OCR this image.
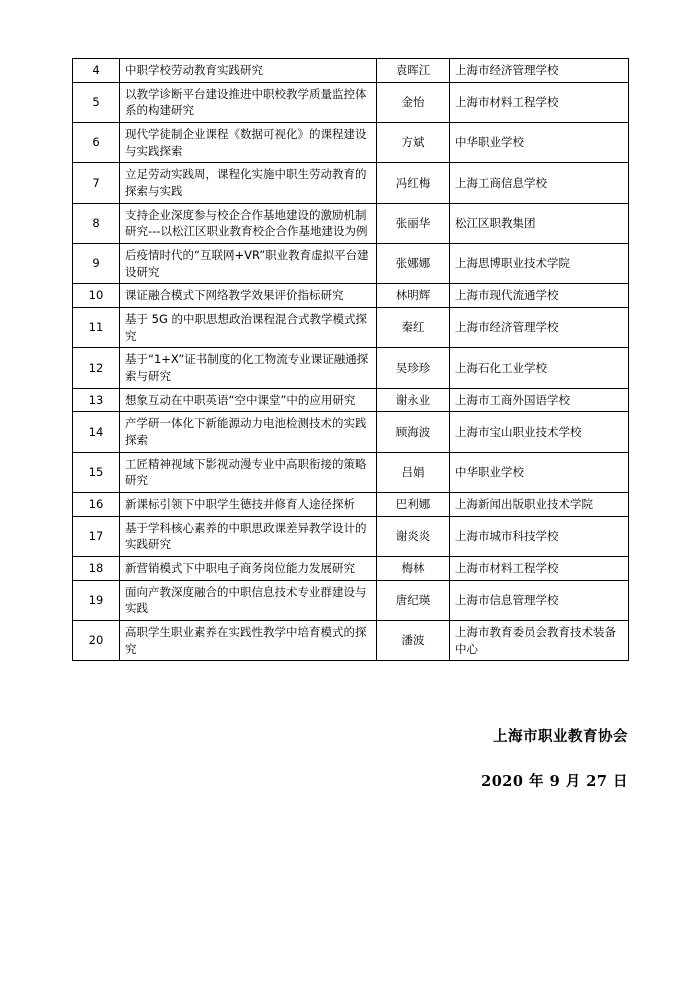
4	中职学校劳动教育实践研究	袁晖江	上海市经济管理学校
5	以教学诊断平台建设推进中职校教学质量监控体系的构建研究	金怡	上海市材料工程学校
6	现代学徒制企业课程《数据可视化》的课程建设与实践探索	方斌	中华职业学校
7	立足劳动实践周，课程化实施中职生劳动教育的探索与实践	冯红梅	上海工商信息学校
8	支持企业深度参与校企合作基地建设的激励机制研究---以松江区职业教育校企合作基地建设为例	张丽华	松江区职教集团
9	后疫情时代的“互联网+VR”职业教育虚拟平台建设研究	张娜娜	上海思博职业技术学院
10	课证融合模式下网络教学效果评价指标研究	林明辉	上海市现代流通学校
11	基于 5G 的中职思想政治课程混合式教学模式探究	秦红	上海市经济管理学校
12	基于“1+X”证书制度的化工物流专业课证融通探索与研究	吴珍珍	上海石化工业学校
13	想象互动在中职英语“空中课堂”中的应用研究	谢永业	上海市工商外国语学校
14	产学研一体化下新能源动力电池检测技术的实践探索	顾海波	上海市宝山职业技术学校
15	工匠精神视域下影视动漫专业中高职衔接的策略研究	吕娟	中华职业学校
16	新课标引领下中职学生德技并修育人途径探析	巴利娜	上海新闻出版职业技术学院
17	基于学科核心素养的中职思政课差异教学设计的实践研究	谢炎炎	上海市城市科技学校
18	新营销模式下中职电子商务岗位能力发展研究	梅林	上海市材料工程学校
19	面向产教深度融合的中职信息技术专业群建设与实践	唐纪瑛	上海市信息管理学校
20	高职学生职业素养在实践性教学中培育模式的探究	潘波	上海市教育委员会教育技术装备中心
上海市职业教育协会
2020 年 9 月 27 日
